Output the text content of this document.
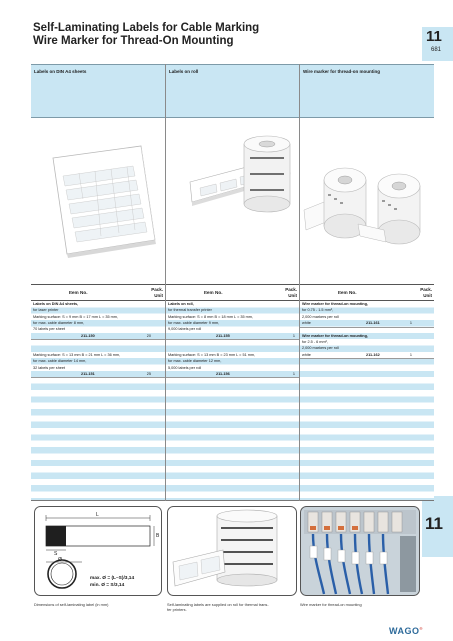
Self-Laminating Labels for Cable Marking
Wire Marker for Thread-On Mounting	11
681
11
Labels on DIN A4 sheets
Item No.
Pack.
Unit
Labels on DIN A4 sheets,
for laser printer
Marking surface: S = 9 mm B = 17 mm L = 35 mm,
for max. cable diameter 8 mm,
70 labels per sheet
211-150	20
Marking surface: S = 13 mm B = 21 mm L = 36 mm,
for max. cable diameter 14 mm,
32 labels per sheet
211-151	25
Labels on roll
Item No.
Pack.
Unit
Labels on roll,
for thermal transfer printer
Marking surface: S = 8 mm B = 18 mm L = 35 mm,
for max. cable diameter 9 mm,
9,000 labels per roll
211-155	1
Marking surface: S = 13 mm B = 23 mm L = 51 mm,
for max. cable diameter 12 mm,
5,000 labels per roll
211-156	1
Wire marker for thread-on mounting
Item No.
Pack.
Unit
Wire marker for thread-on mounting,
for 0.75 - 1.5 mm²,
2,000 markers per roll
white	211-161	1
Wire marker for thread-on mounting,
for 2.5 - 6 mm²,
2,000 markers per roll
white	211-162	1
L
B
S
Ø
max. Ø = (L–S)/3,14
min. Ø = S/3,14
Dimensions of self-laminating label (in mm)	Self-laminating labels are supplied on roll for thermal trans-
fer printers.
Wire marker for thread-on mounting
WAGO®
